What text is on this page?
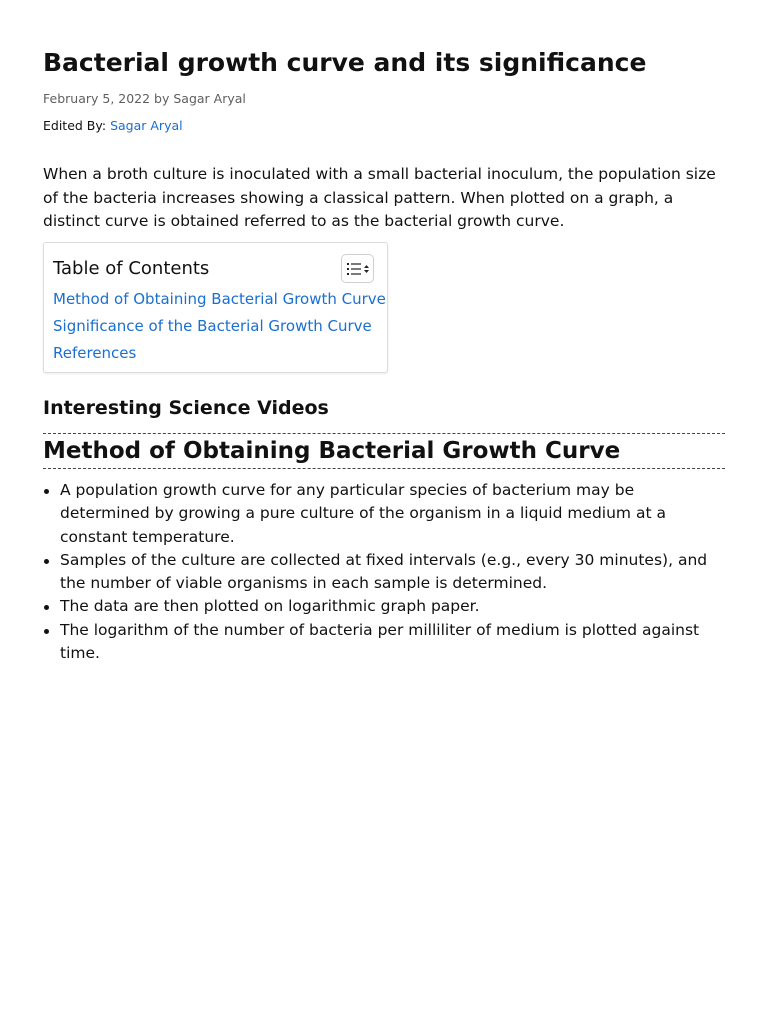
Bacterial growth curve and its significance
February 5, 2022 by Sagar Aryal
Edited By: Sagar Aryal

When a broth culture is inoculated with a small bacterial inoculum, the population size of the bacteria increases showing a classical pattern. When plotted on a graph, a distinct curve is obtained referred to as the bacterial growth curve.

Table of Contents
Method of Obtaining Bacterial Growth Curve
Significance of the Bacterial Growth Curve
References
Interesting Science Videos
Method of Obtaining Bacterial Growth Curve
A population growth curve for any particular species of bacterium may be determined by growing a pure culture of the organism in a liquid medium at a constant temperature.
Samples of the culture are collected at fixed intervals (e.g., every 30 minutes), and the number of viable organisms in each sample is determined.
The data are then plotted on logarithmic graph paper.
The logarithm of the number of bacteria per milliliter of medium is plotted against time.
